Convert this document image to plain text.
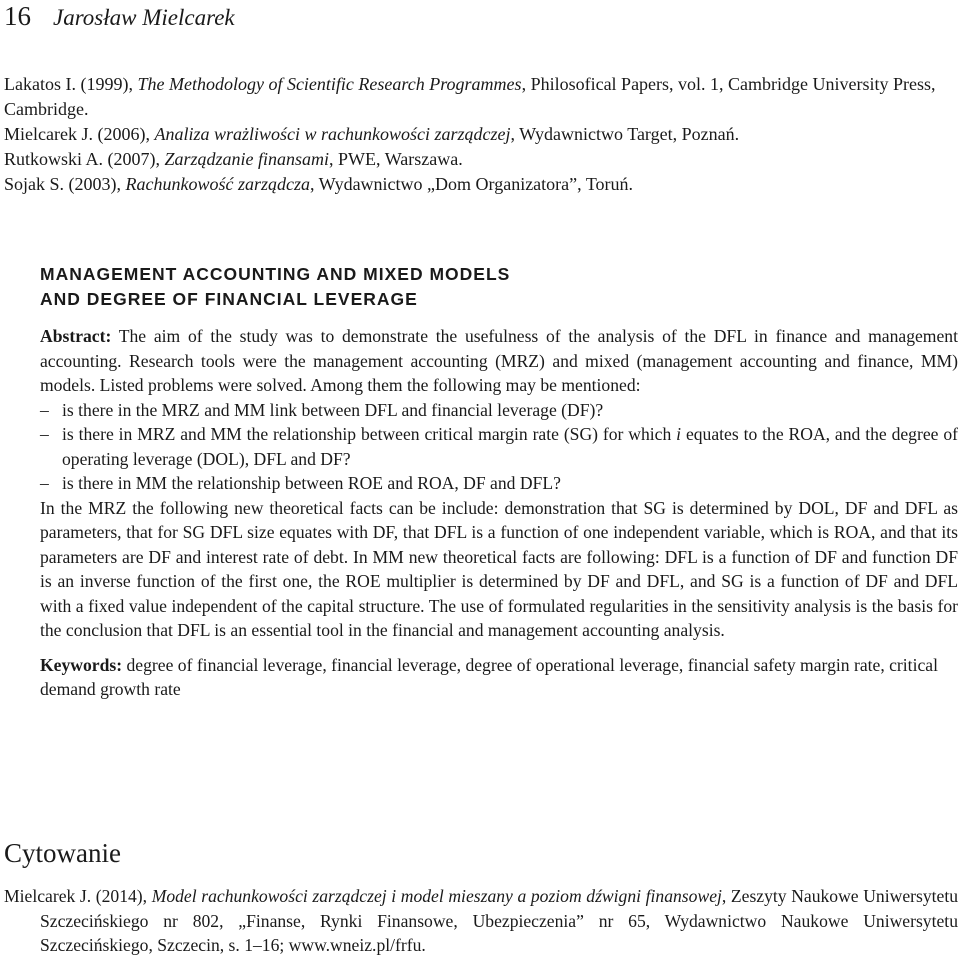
16 Jarosław Mielcarek

Lakatos I. (1999), The Methodology of Scientific Research Programmes, Philosofical Papers, vol. 1, Cambridge University Press, Cambridge.

Mielcarek J. (2006), Analiza wrażliwości w rachunkowości zarządczej, Wydawnictwo Target, Poznań.

Rutkowski A. (2007), Zarządzanie finansami, PWE, Warszawa.

Sojak S. (2003), Rachunkowość zarządcza, Wydawnictwo „Dom Organizatora”, Toruń.

MANAGEMENT ACCOUNTING AND MIXED MODELS
AND DEGREE OF FINANCIAL LEVERAGE

Abstract: The aim of the study was to demonstrate the usefulness of the analysis of the DFL in finance and management accounting. Research tools were the management accounting (MRZ) and mixed (management accounting and finance, MM) models. Listed problems were solved. Among them the following may be mentioned:

– is there in the MRZ and MM link between DFL and financial leverage (DF)?

– is there in MRZ and MM the relationship between critical margin rate (SG) for which i equates to the ROA, and the degree of operating leverage (DOL), DFL and DF?

– is there in MM the relationship between ROE and ROA, DF and DFL?

In the MRZ the following new theoretical facts can be include: demonstration that SG is determined by DOL, DF and DFL as parameters, that for SG DFL size equates with DF, that DFL is a function of one independent variable, which is ROA, and that its parameters are DF and interest rate of debt. In MM new theoretical facts are following: DFL is a function of DF and function DF is an inverse function of the first one, the ROE multiplier is determined by DF and DFL, and SG is a function of DF and DFL with a fixed value independent of the capital structure. The use of formulated regularities in the sensitivity analysis is the basis for the conclusion that DFL is an essential tool in the financial and management accounting analysis.

Keywords: degree of financial leverage, financial leverage, degree of operational leverage, financial safety margin rate, critical demand growth rate

Cytowanie

Mielcarek J. (2014), Model rachunkowości zarządczej i model mieszany a poziom dźwigni finansowej, Zeszyty Naukowe Uniwersytetu Szczecińskiego nr 802, „Finanse, Rynki Finansowe, Ubezpieczenia” nr 65, Wydawnictwo Naukowe Uniwersytetu Szczecińskiego, Szczecin, s. 1–16; www.wneiz.pl/frfu.
